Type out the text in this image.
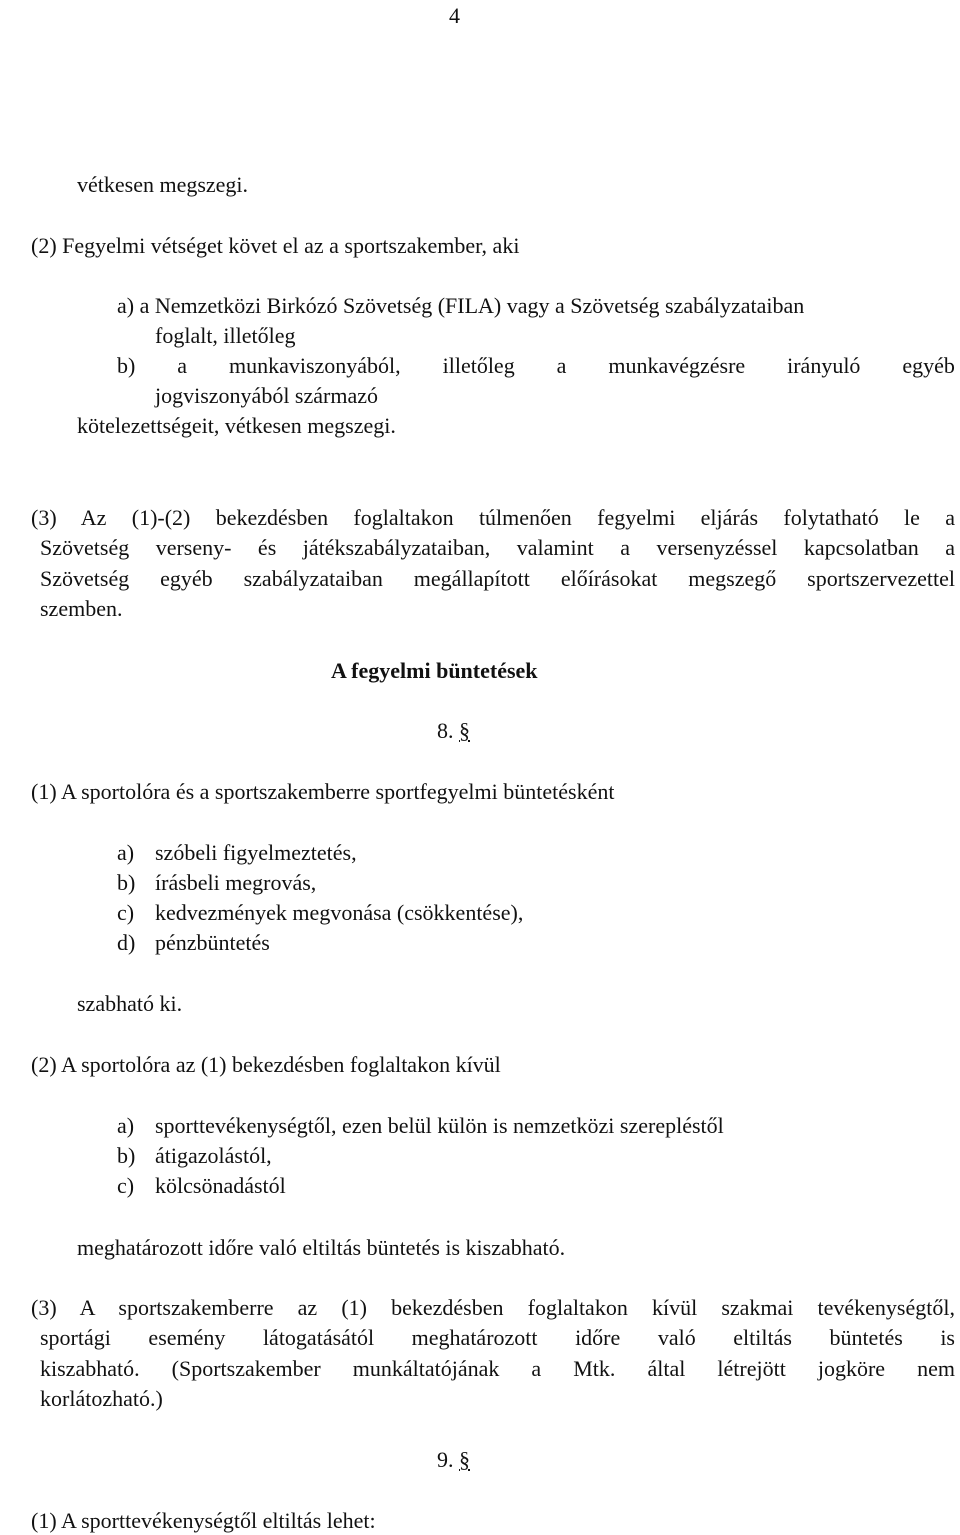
4
vétkesen megszegi.
(2) Fegyelmi vétséget követ el az a sportszakember, aki
a) a Nemzetközi Birkózó Szövetség (FILA) vagy a Szövetség szabályzataiban
foglalt, illetőleg
b) a munkaviszonyából, illetőleg a munkavégzésre irányuló egyéb
jogviszonyából származó
kötelezettségeit, vétkesen megszegi.
(3) Az (1)-(2) bekezdésben foglaltakon túlmenően fegyelmi eljárás folytatható le a
Szövetség verseny- és játékszabályzataiban, valamint a versenyzéssel kapcsolatban a
Szövetség egyéb szabályzataiban megállapított előírásokat megszegő sportszervezettel
szemben.
A fegyelmi büntetések
8. §
(1) A sportolóra és a sportszakemberre sportfegyelmi büntetésként
a) szóbeli figyelmeztetés,
b) írásbeli megrovás,
c) kedvezmények megvonása (csökkentése),
d) pénzbüntetés
szabható ki.
(2) A sportolóra az (1) bekezdésben foglaltakon kívül
a) sporttevékenységtől, ezen belül külön is nemzetközi szerepléstől
b) átigazolástól,
c) kölcsönadástól
meghatározott időre való eltiltás büntetés is kiszabható.
(3) A sportszakemberre az (1) bekezdésben foglaltakon kívül szakmai tevékenységtől,
sportági esemény látogatásától meghatározott időre való eltiltás büntetés is
kiszabható. (Sportszakember munkáltatójának a Mtk. által létrejött jogköre nem
korlátozható.)
9. §
(1) A sporttevékenységtől eltiltás lehet:
